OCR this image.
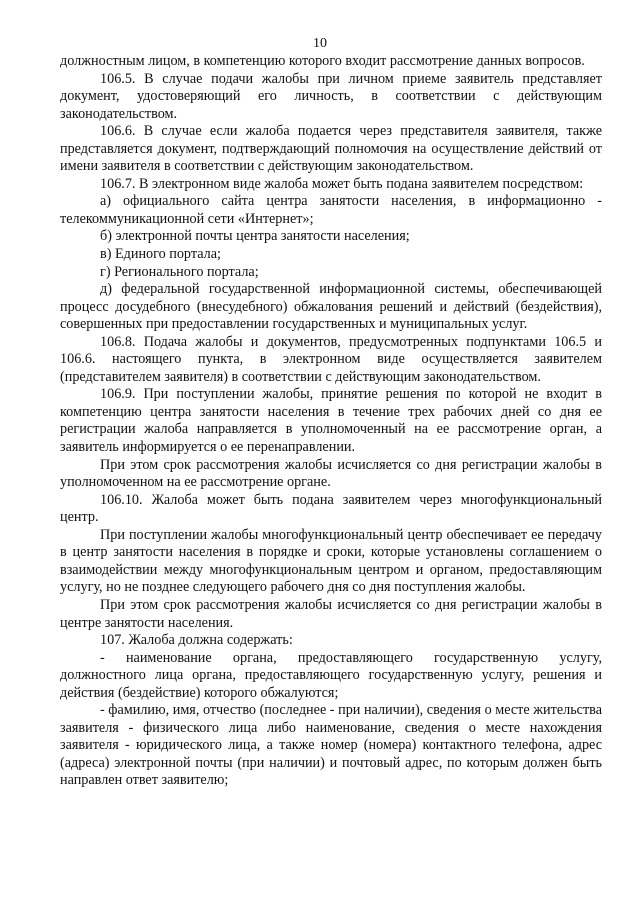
10

должностным лицом, в компетенцию которого входит рассмотрение данных вопросов.

106.5. В случае подачи жалобы при личном приеме заявитель представляет документ, удостоверяющий его личность, в соответствии с действующим законодательством.

106.6. В случае если жалоба подается через представителя заявителя, также представляется документ, подтверждающий полномочия на осуществление действий от имени заявителя в соответствии с действующим законодательством.

106.7. В электронном виде жалоба может быть подана заявителем посредством:

а) официального сайта центра занятости населения, в информационно - телекоммуникационной сети «Интернет»;

б) электронной почты центра занятости населения;

в) Единого портала;

г) Регионального портала;

д) федеральной государственной информационной системы, обеспечивающей процесс досудебного (внесудебного) обжалования решений и действий (бездействия), совершенных при предоставлении государственных и муниципальных услуг.

106.8. Подача жалобы и документов, предусмотренных подпунктами 106.5 и 106.6. настоящего пункта, в электронном виде осуществляется заявителем (представителем заявителя) в соответствии с действующим законодательством.

106.9. При поступлении жалобы, принятие решения по которой не входит в компетенцию центра занятости населения в течение трех рабочих дней со дня ее регистрации жалоба направляется в уполномоченный на ее рассмотрение орган, а заявитель информируется о ее перенаправлении.

При этом срок рассмотрения жалобы исчисляется со дня регистрации жалобы в уполномоченном на ее рассмотрение органе.

106.10. Жалоба может быть подана заявителем через многофункциональный центр.

При поступлении жалобы многофункциональный центр обеспечивает ее передачу в центр занятости населения в порядке и сроки, которые установлены соглашением о взаимодействии между многофункциональным центром и органом, предоставляющим услугу, но не позднее следующего рабочего дня со дня поступления жалобы.

При этом срок рассмотрения жалобы исчисляется со дня регистрации жалобы в центре занятости населения.

107. Жалоба должна содержать:

- наименование органа, предоставляющего государственную услугу, должностного лица органа, предоставляющего государственную услугу, решения и действия (бездействие) которого обжалуются;

- фамилию, имя, отчество (последнее - при наличии), сведения о месте жительства заявителя - физического лица либо наименование, сведения о месте нахождения заявителя - юридического лица, а также номер (номера) контактного телефона, адрес (адреса) электронной почты (при наличии) и почтовый адрес, по которым должен быть направлен ответ заявителю;
